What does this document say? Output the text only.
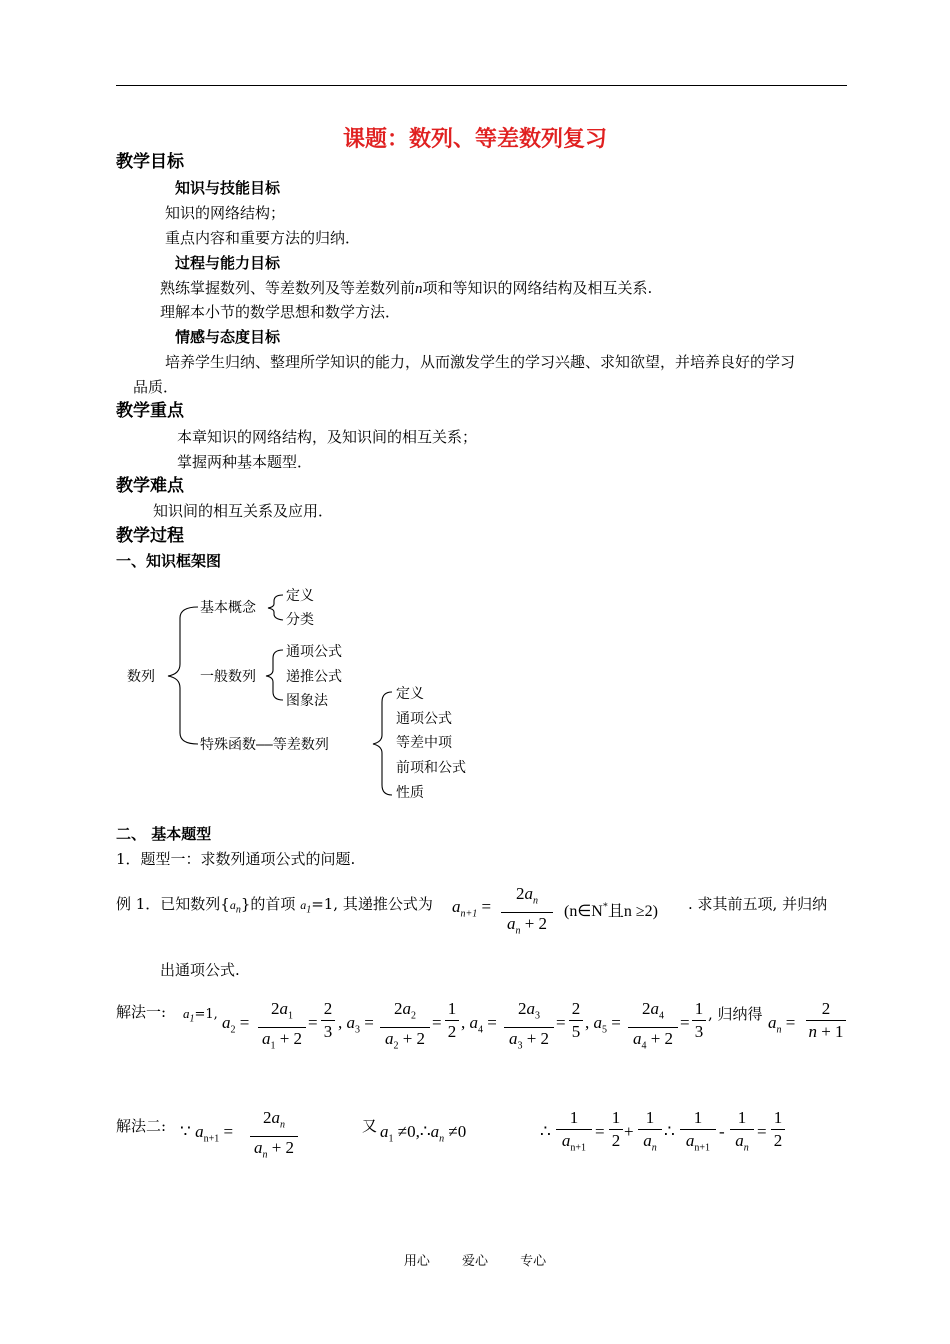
课题：数列、等差数列复习
教学目标
知识与技能目标
知识的网络结构；
重点内容和重要方法的归纳．
过程与能力目标
熟练掌握数列、等差数列及等差数列前n项和等知识的网络结构及相互关系.
理解本小节的数学思想和数学方法．
情感与态度目标
培养学生归纳、整理所学知识的能力，从而激发学生的学习兴趣、求知欲望，并培养良好的学习
品质．
教学重点
本章知识的网络结构，及知识间的相互关系；
掌握两种基本题型．
教学难点
知识间的相互关系及应用．
教学过程
一、知识框架图
数列
基本概念
定义
分类
一般数列
通项公式
递推公式
图象法
特殊函数——等差数列
定义
通项公式
等差中项
前项和公式
性质
二、 基本题型
1．题型一：求数列通项公式的问题.
例 1．已知数列$\{a_n\}$的首项 $a_1=1$, 其递推公式为 $a_{n+1}$ =
$2a_n$
$a_n + 2$
(n∈N*且n ≥2) . 求其前五项, 并归纳
出通项公式.
解法一: $a_1=1$, $a_2$ =
$2a_1$
$a_1 + 2$
=
2
3 , $a_3$ =
$2a_2$
$a_2 + 2$
=
1
2 , $a_4$ =
$2a_3$
$a_3 + 2$
=
2
5 , $a_5$ =
$2a_4$
$a_4 + 2$
=
1
3
, 归纳得 $a_n$ =
2
n + 1
解法二: ∵ $a_{n+1}$ =
$2a_n$
$a_n + 2$
又 $a_1$ $\ne 0,\therefore a_n \ne 0$	∴
1
$a_{n+1}$
=
1
2 +
1
$a_n$
∴
1
$a_{n+1}$
-
1
$a_n$
=
1
2
用心 爱心 专心
